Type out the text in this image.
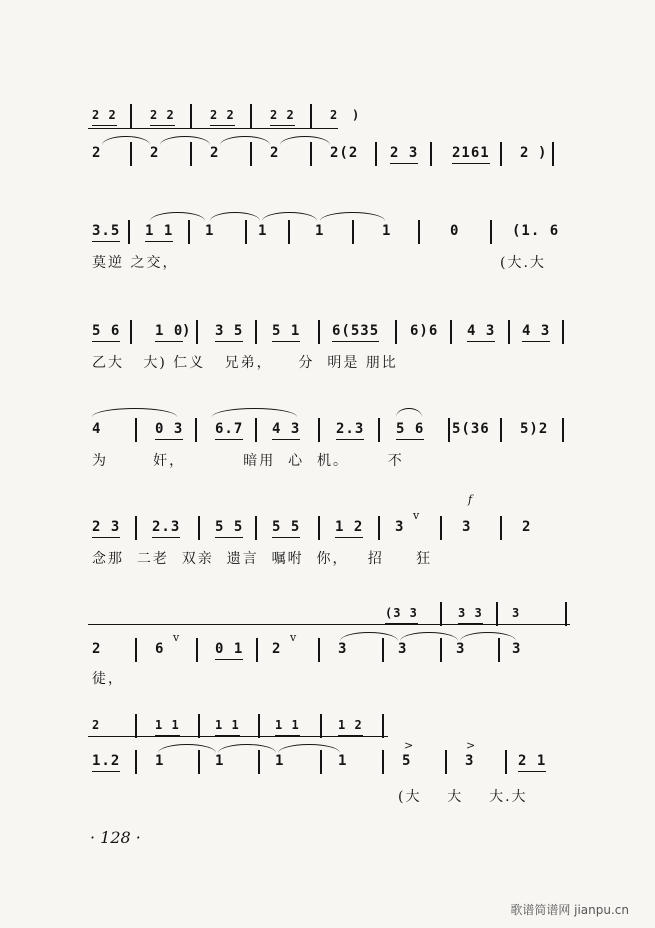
2 2	2 2	2 2	2 2	2 )
2	2	2	2	2(2 2 3 2161 2 )
3.5 1 1 1	1	1	1	0	(1. 6
莫逆 之交，	(大.大
5 6 1 0
) 3 5 5 1 6(535 6)6 4 3 4 3
乙大   大) 仁义   兄弟，    分  明是 朋比
4	0 3 6.7 4 3	2.3 5 6 5(36 5)2
为       奸，         暗用  心  机。      不
2 3 2.3 5 5 5 5 1 2 3	3	2
念那  二老  双亲  遗言  嘱咐  你，   招     狂
v
f
(3 3	3 3 3
2	6	0 1 2	3	3	3	3
徒，
v	v
2	1 1	1 1	1 1	1 2
1.2 1	1	1	1	5	3	2 1
(大    大    大.大
>	>
· 128 ·
歌谱简谱网 jianpu.cn
